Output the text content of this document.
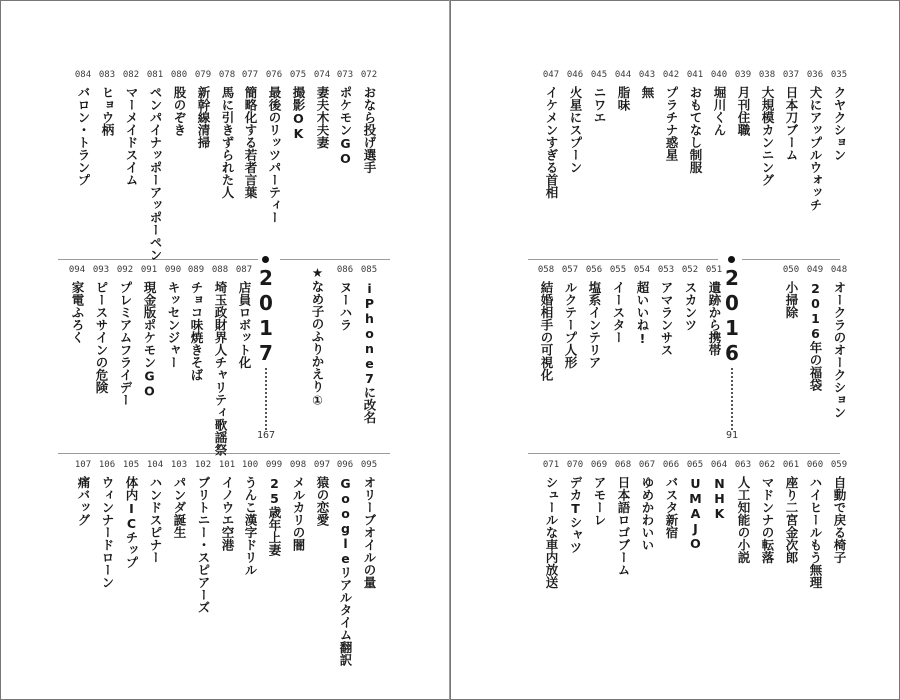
072
おなら投げ選手
073
ポケモンGO
074
妻夫木夫妻
075
撮影OK
076
最後のリッツパーティー
077
簡略化する若者言葉
078
馬に引きずられた人
079
新幹線清掃
080
股のぞき
081
ペンパイナッポーアッポーペン
082
マーメイドスイム
083
ヒョウ柄
084
バロン・トランプ
085
iPhone7に改名
086
ヌーハラ
★なめ子のふりかえり①
087
店員ロボット化
088
埼玉政財界人チャリティ歌謡祭
089
チョコ味焼きそば
090
キッセンジャー
091
現金版ポケモンGO
092
プレミアムフライデー
093
ピースサインの危険
094
家電ふろく
095
オリーブオイルの量
096
Googleリアルタイム翻訳
097
猿の恋愛
098
メルカリの闇
099
25歳年上妻
100
うんこ漢字ドリル
101
イノウエ空港
102
ブリトニー・スピアーズ
103
パンダ誕生
104
ハンドスピナー
105
体内ICチップ
106
ウィンナードローン
107
痛バッグ
035
クヤクション
036
犬にアップルウォッチ
037
日本刀ブーム
038
大規模カンニング
039
月刊住職
040
堀川くん
041
おもてなし制服
042
プラチナ惑星
043
無
044
脂味
045
ニワエ
046
火星にスプーン
047
イケメンすぎる首相
048
オークラのオークション
049
2016年の福袋
050
小掃除
051
遺跡から携帯
052
スカンツ
053
アマランサス
054
超いいね!
055
イースター
056
塩系インテリア
057
ルクテープ人形
058
結婚相手の可視化
059
自動で戻る椅子
060
ハイヒールもう無理
061
座り二宮金次郎
062
マドンナの転落
063
人工知能の小説
064
NHK
065
UMAJO
066
バスタ新宿
067
ゆめかわいい
068
日本語ロゴブーム
069
アモーレ
070
デカTシャツ
071
シュールな車内放送
2017
167
2016
91
